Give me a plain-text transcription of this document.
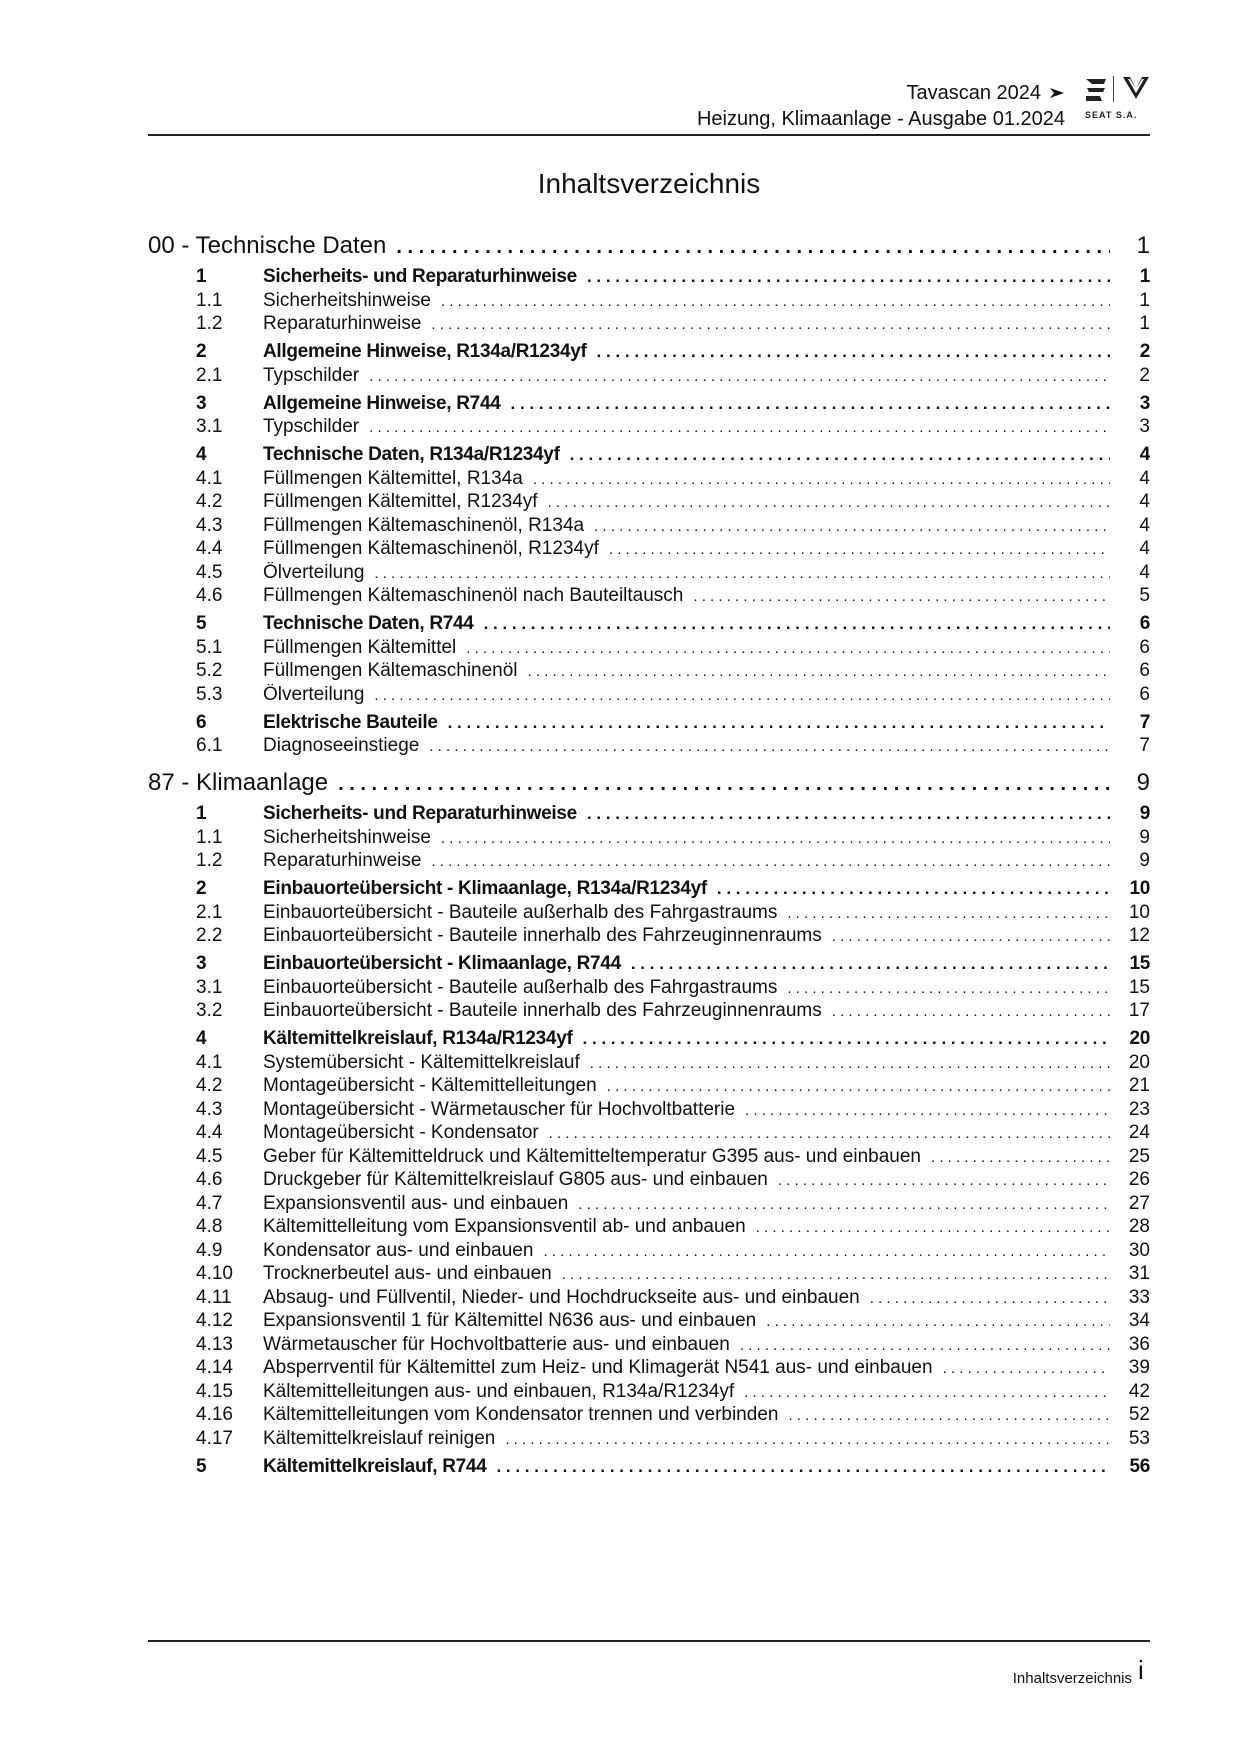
Tavascan 2024
Heizung, Klimaanlage - Ausgabe 01.2024 SEAT S.A.
Inhaltsverzeichnis
00 - Technische Daten . . .	1
1	Sicherheits- und Reparaturhinweise . . .	1
1.1	Sicherheitshinweise . . .	1
1.2	Reparaturhinweise . . .	1
2	Allgemeine Hinweise, R134a/R1234yf . . .	2
2.1	Typschilder . . .	2
3	Allgemeine Hinweise, R744 . . .	3
3.1	Typschilder . . .	3
4	Technische Daten, R134a/R1234yf . . .	4
4.1	Füllmengen Kältemittel, R134a . . .	4
4.2	Füllmengen Kältemittel, R1234yf . . .	4
4.3	Füllmengen Kältemaschinenöl, R134a . . .	4
4.4	Füllmengen Kältemaschinenöl, R1234yf . . .	4
4.5	Ölverteilung . . .	4
4.6	Füllmengen Kältemaschinenöl nach Bauteiltausch . . .	5
5	Technische Daten, R744 . . .	6
5.1	Füllmengen Kältemittel . . .	6
5.2	Füllmengen Kältemaschinenöl . . .	6
5.3	Ölverteilung . . .	6
6	Elektrische Bauteile . . .	7
6.1	Diagnoseeinstiege . . .	7
87 - Klimaanlage . . .	9
1	Sicherheits- und Reparaturhinweise . . .	9
1.1	Sicherheitshinweise . . .	9
1.2	Reparaturhinweise . . .	9
2	Einbauorteübersicht - Klimaanlage, R134a/R1234yf . . .	10
2.1	Einbauorteübersicht - Bauteile außerhalb des Fahrgastraums . . .	10
2.2	Einbauorteübersicht - Bauteile innerhalb des Fahrzeuginnenraums . . .	12
3	Einbauorteübersicht - Klimaanlage, R744 . . .	15
3.1	Einbauorteübersicht - Bauteile außerhalb des Fahrgastraums . . .	15
3.2	Einbauorteübersicht - Bauteile innerhalb des Fahrzeuginnenraums . . .	17
4	Kältemittelkreislauf, R134a/R1234yf . . .	20
4.1	Systemübersicht - Kältemittelkreislauf . . .	20
4.2	Montageübersicht - Kältemittelleitungen . . .	21
4.3	Montageübersicht - Wärmetauscher für Hochvoltbatterie . . .	23
4.4	Montageübersicht - Kondensator . . .	24
4.5	Geber für Kältemitteldruck und Kältemitteltemperatur G395 aus- und einbauen . . .	25
4.6	Druckgeber für Kältemittelkreislauf G805 aus- und einbauen . . .	26
4.7	Expansionsventil aus- und einbauen . . .	27
4.8	Kältemittelleitung vom Expansionsventil ab- und anbauen . . .	28
4.9	Kondensator aus- und einbauen . . .	30
4.10	Trocknerbeutel aus- und einbauen . . .	31
4.11	Absaug- und Füllventil, Nieder- und Hochdruckseite aus- und einbauen . . .	33
4.12	Expansionsventil 1 für Kältemittel N636 aus- und einbauen . . .	34
4.13	Wärmetauscher für Hochvoltbatterie aus- und einbauen . . .	36
4.14	Absperrventil für Kältemittel zum Heiz- und Klimagerät N541 aus- und einbauen . . .	39
4.15	Kältemittelleitungen aus- und einbauen, R134a/R1234yf . . .	42
4.16	Kältemittelleitungen vom Kondensator trennen und verbinden . . .	52
4.17	Kältemittelkreislauf reinigen . . .	53
5	Kältemittelkreislauf, R744 . . .	56
Inhaltsverzeichnis i
